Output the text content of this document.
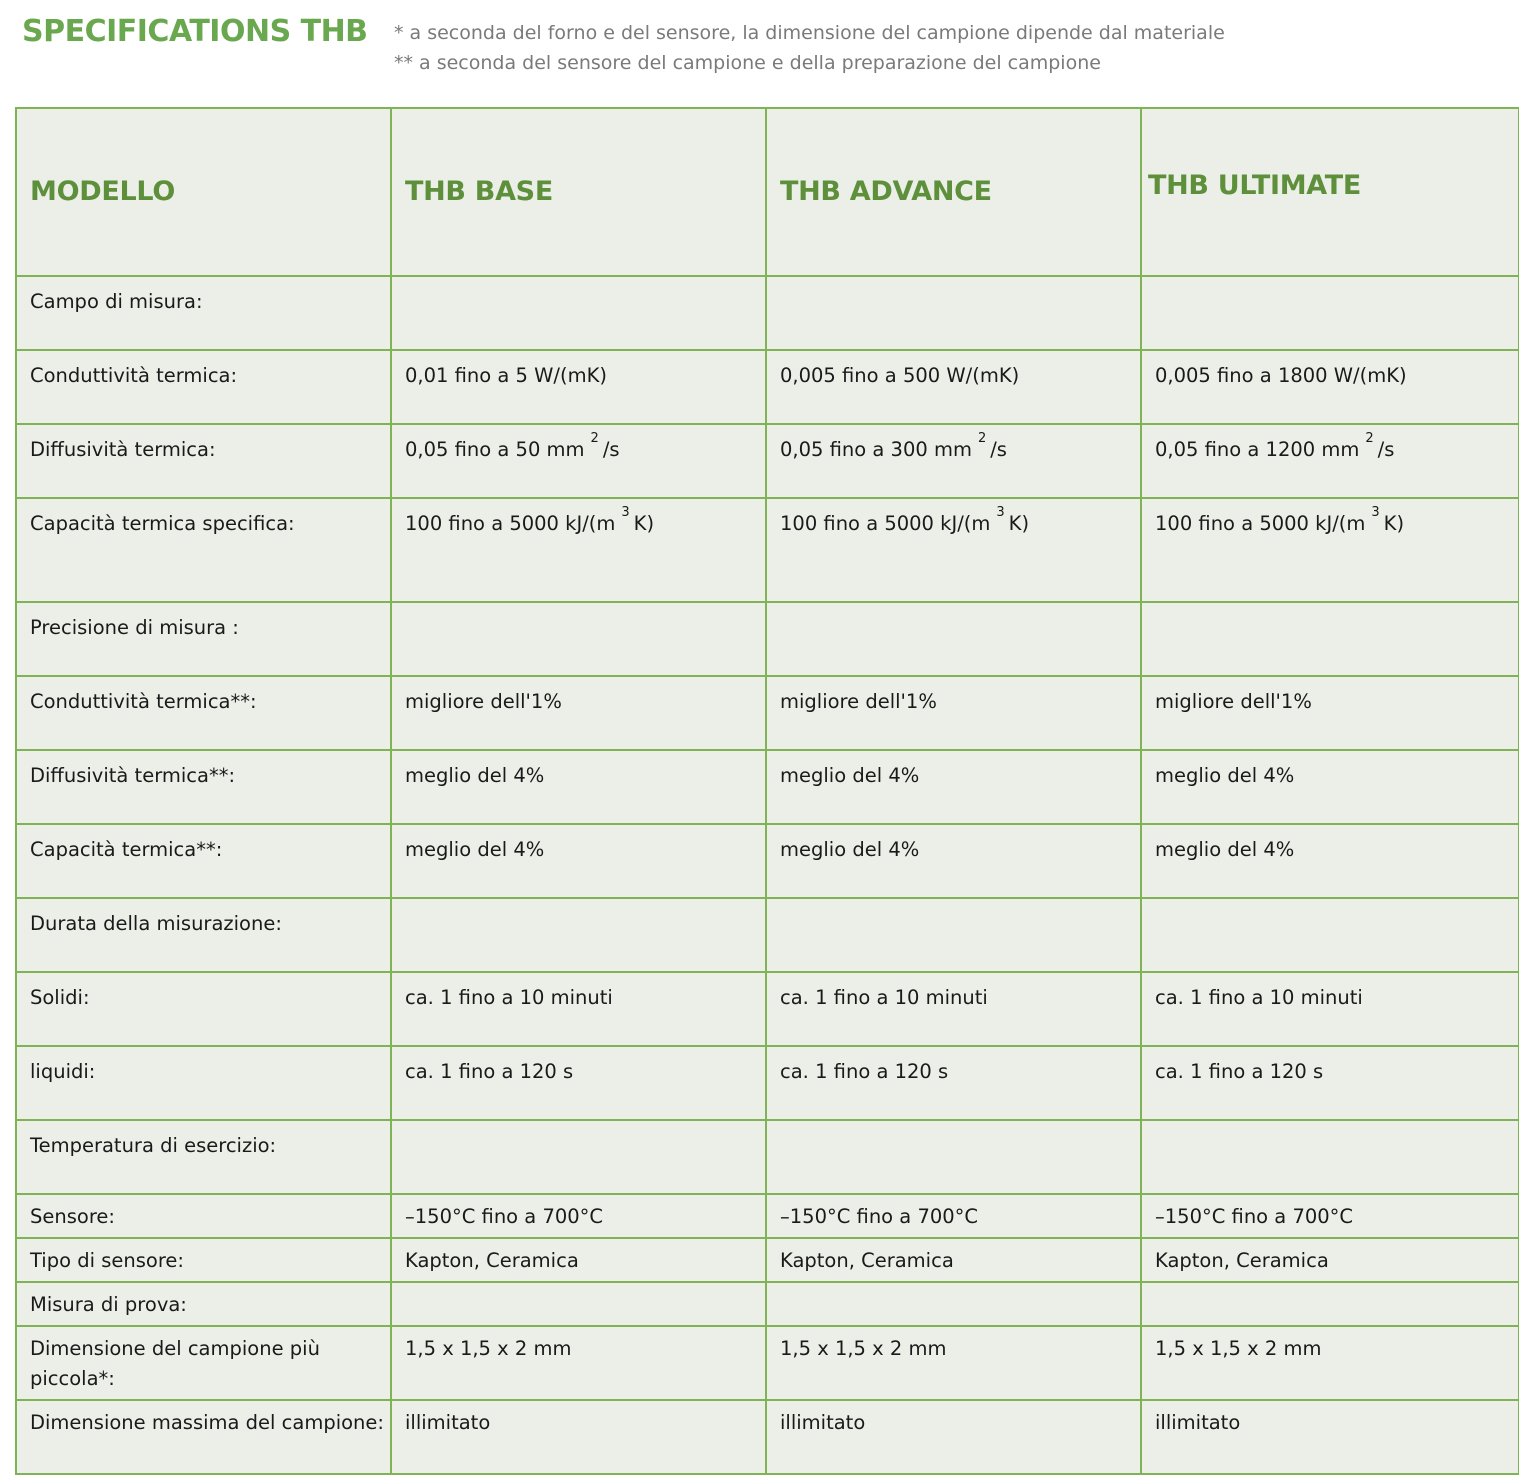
SPECIFICATIONS THB * a seconda del forno e del sensore, la dimensione del campione dipende dal materiale
** a seconda del sensore del campione e della preparazione del campione
MODELLO	THB BASE	THB ADVANCE	THB ULTIMATE
Campo di misura:			
Conduttività termica:	0,01 fino a 5 W/(mK)	0,005 fino a 500 W/(mK)	0,005 fino a 1800 W/(mK)
Diffusività termica:	0,05 fino a 50 mm $^2$ /s	0,05 fino a 300 mm $^2$ /s	0,05 fino a 1200 mm $^2$ /s
Capacità termica specifica:	100 fino a 5000 kJ/(m $^3$ K)	100 fino a 5000 kJ/(m $^3$ K)	100 fino a 5000 kJ/(m $^3$ K)
Precisione di misura :			
Conduttività termica**:	migliore dell'1%	migliore dell'1%	migliore dell'1%
Diffusività termica**:	meglio del 4%	meglio del 4%	meglio del 4%
Capacità termica**:	meglio del 4%	meglio del 4%	meglio del 4%
Durata della misurazione:			
Solidi:	ca. 1 fino a 10 minuti	ca. 1 fino a 10 minuti	ca. 1 fino a 10 minuti
liquidi:	ca. 1 fino a 120 s	ca. 1 fino a 120 s	ca. 1 fino a 120 s
Temperatura di esercizio:			
Sensore:	–150°C fino a 700°C	–150°C fino a 700°C	–150°C fino a 700°C
Tipo di sensore:	Kapton, Ceramica	Kapton, Ceramica	Kapton, Ceramica
Misura di prova:			
Dimensione del campione più piccola*:	1,5 x 1,5 x 2 mm	1,5 x 1,5 x 2 mm	1,5 x 1,5 x 2 mm
Dimensione massima del campione:	illimitato	illimitato	illimitato
